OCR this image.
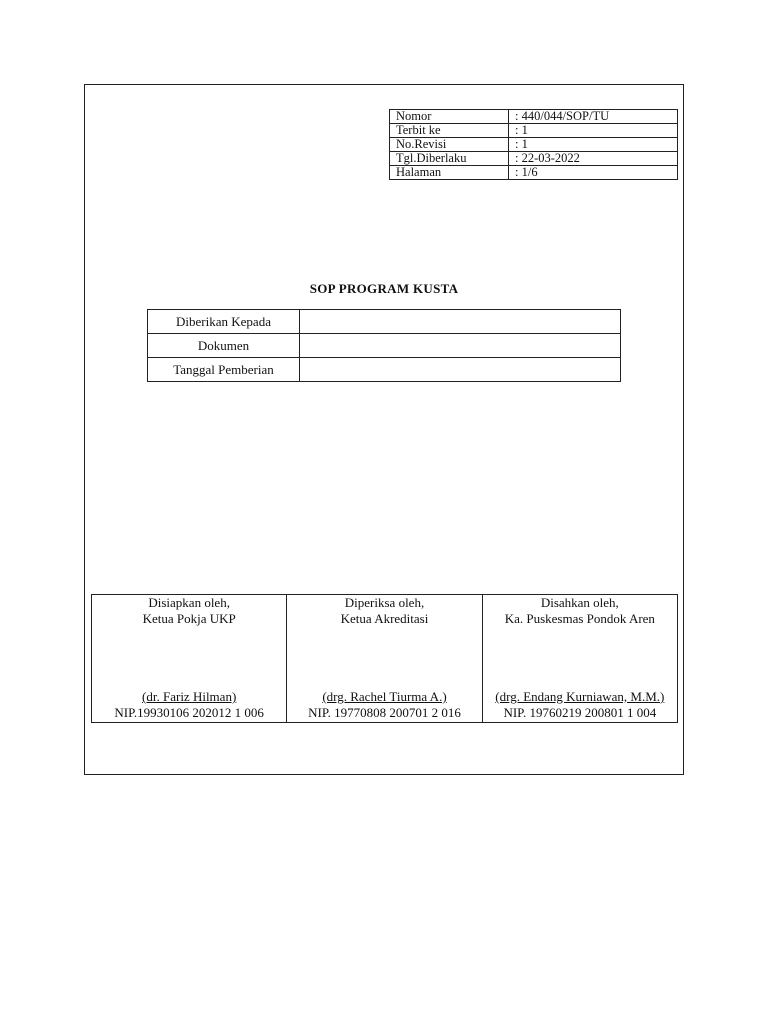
Nomor	: 440/044/SOP/TU
Terbit ke	: 1
No.Revisi	: 1
Tgl.Diberlaku	: 22-03-2022
Halaman	: 1/6
SOP PROGRAM KUSTA
Diberikan Kepada	
Dokumen	
Tanggal Pemberian	
Disiapkan oleh,
Ketua Pokja UKP
(dr. Fariz Hilman)
NIP.19930106 202012 1 006

Diperiksa oleh,
Ketua Akreditasi
(drg. Rachel Tiurma A.)
NIP. 19770808 200701 2 016

Disahkan oleh,
Ka. Puskesmas Pondok Aren
(drg. Endang Kurniawan, M.M.)
NIP. 19760219 200801 1 004
